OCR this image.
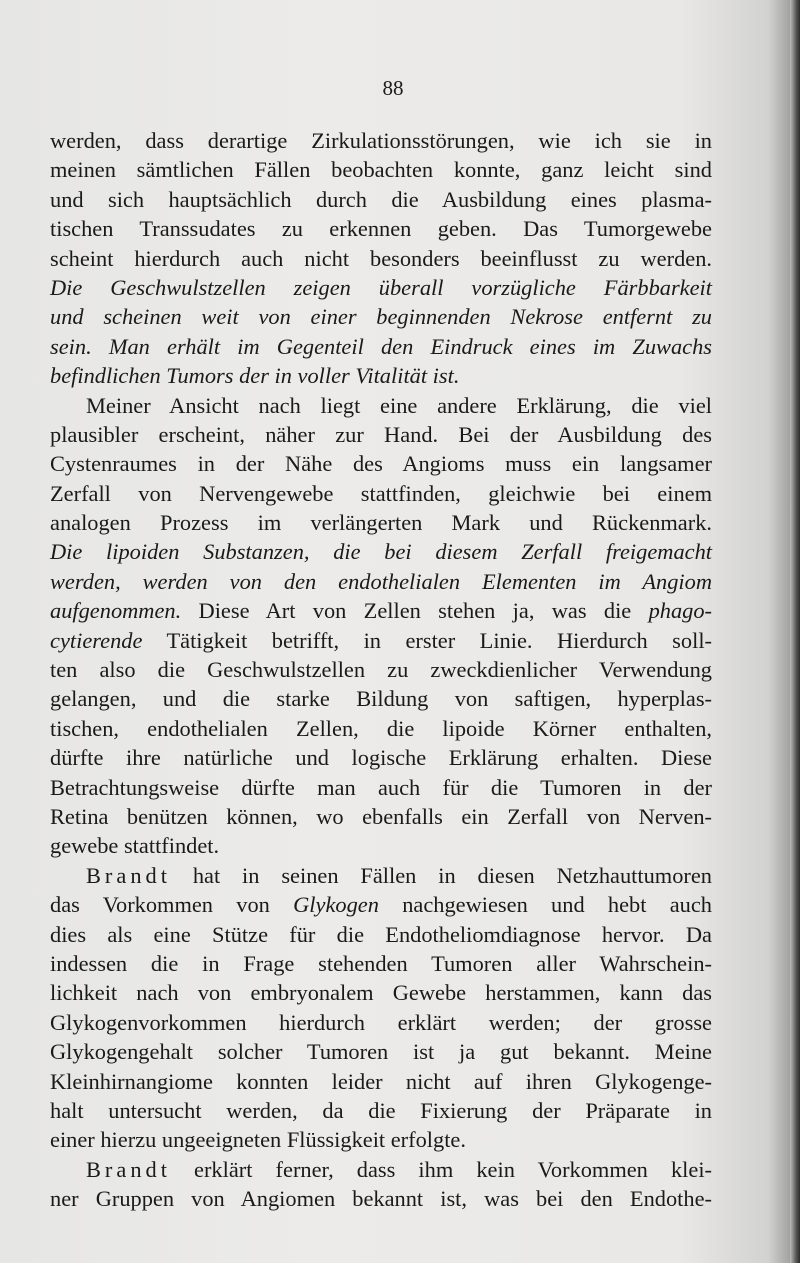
88
werden, dass derartige Zirkulationsstörungen, wie ich sie in
meinen sämtlichen Fällen beobachten konnte, ganz leicht sind
und sich hauptsächlich durch die Ausbildung eines plasma-
tischen Transsudates zu erkennen geben. Das Tumorgewebe
scheint hierdurch auch nicht besonders beeinflusst zu werden.
Die Geschwulstzellen zeigen überall vorzügliche Färbbarkeit
und scheinen weit von einer beginnenden Nekrose entfernt zu
sein. Man erhält im Gegenteil den Eindruck eines im Zuwachs
befindlichen Tumors der in voller Vitalität ist.
Meiner Ansicht nach liegt eine andere Erklärung, die viel
plausibler erscheint, näher zur Hand. Bei der Ausbildung des
Cystenraumes in der Nähe des Angioms muss ein langsamer
Zerfall von Nervengewebe stattfinden, gleichwie bei einem
analogen Prozess im verlängerten Mark und Rückenmark.
Die lipoiden Substanzen, die bei diesem Zerfall freigemacht
werden, werden von den endothelialen Elementen im Angiom
aufgenommen. Diese Art von Zellen stehen ja, was die phago-
cytierende Tätigkeit betrifft, in erster Linie. Hierdurch soll-
ten also die Geschwulstzellen zu zweckdienlicher Verwendung
gelangen, und die starke Bildung von saftigen, hyperplas-
tischen, endothelialen Zellen, die lipoide Körner enthalten,
dürfte ihre natürliche und logische Erklärung erhalten. Diese
Betrachtungsweise dürfte man auch für die Tumoren in der
Retina benützen können, wo ebenfalls ein Zerfall von Nerven-
gewebe stattfindet.
Brandt hat in seinen Fällen in diesen Netzhauttumoren
das Vorkommen von Glykogen nachgewiesen und hebt auch
dies als eine Stütze für die Endotheliomdiagnose hervor. Da
indessen die in Frage stehenden Tumoren aller Wahrschein-
lichkeit nach von embryonalem Gewebe herstammen, kann das
Glykogenvorkommen hierdurch erklärt werden; der grosse
Glykogengehalt solcher Tumoren ist ja gut bekannt. Meine
Kleinhirnangiome konnten leider nicht auf ihren Glykogenge-
halt untersucht werden, da die Fixierung der Präparate in
einer hierzu ungeeigneten Flüssigkeit erfolgte.
Brandt erklärt ferner, dass ihm kein Vorkommen klei-
ner Gruppen von Angiomen bekannt ist, was bei den Endothe-
